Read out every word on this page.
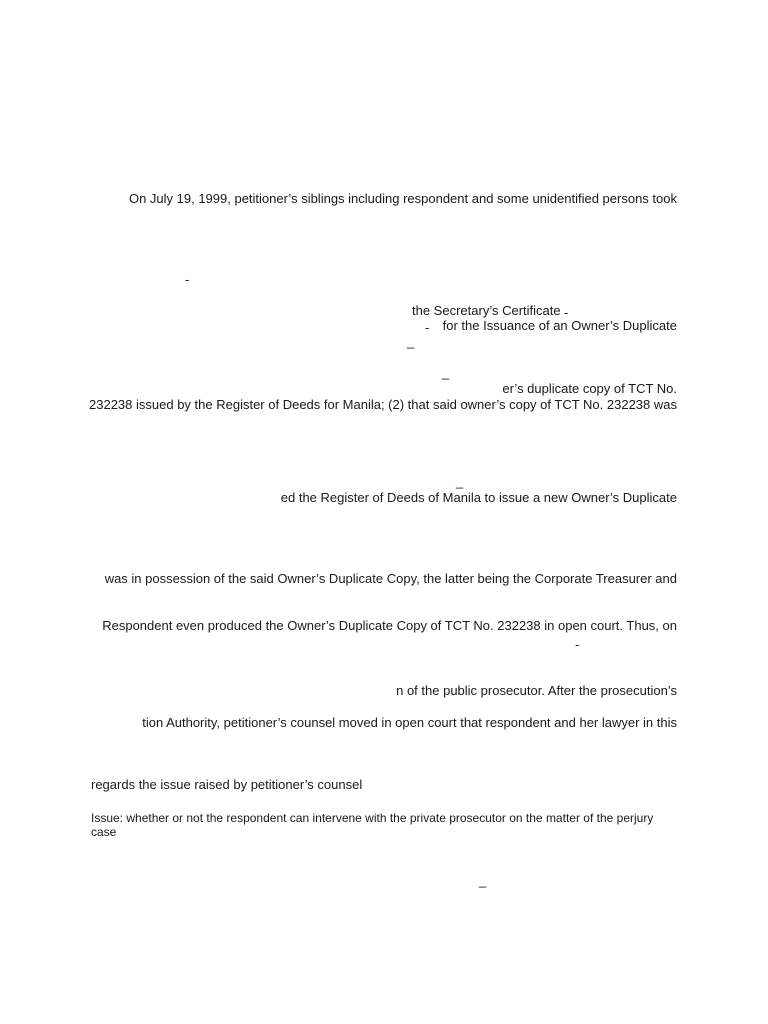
On July 19, 1999, petitioner’s siblings including respondent and some unidentified persons took
-
the Secretary’s Certificate -
- for the Issuance of an Owner’s Duplicate
_
_
er’s duplicate copy of TCT No.
232238 issued by the Register of Deeds for Manila; (2) that said owner’s copy of TCT No. 232238 was
_
ed the Register of Deeds of Manila to issue a new Owner’s Duplicate
was in possession of the said Owner’s Duplicate Copy, the latter being the Corporate Treasurer and
Respondent even produced the Owner’s Duplicate Copy of TCT No. 232238 in open court. Thus, on
-
n of the public prosecutor. After the prosecution’s
tion Authority, petitioner’s counsel moved in open court that respondent and her lawyer in this
regards the issue raised by petitioner’s counsel
Issue: whether or not the respondent can intervene with the private prosecutor on the matter of the perjury case
_
